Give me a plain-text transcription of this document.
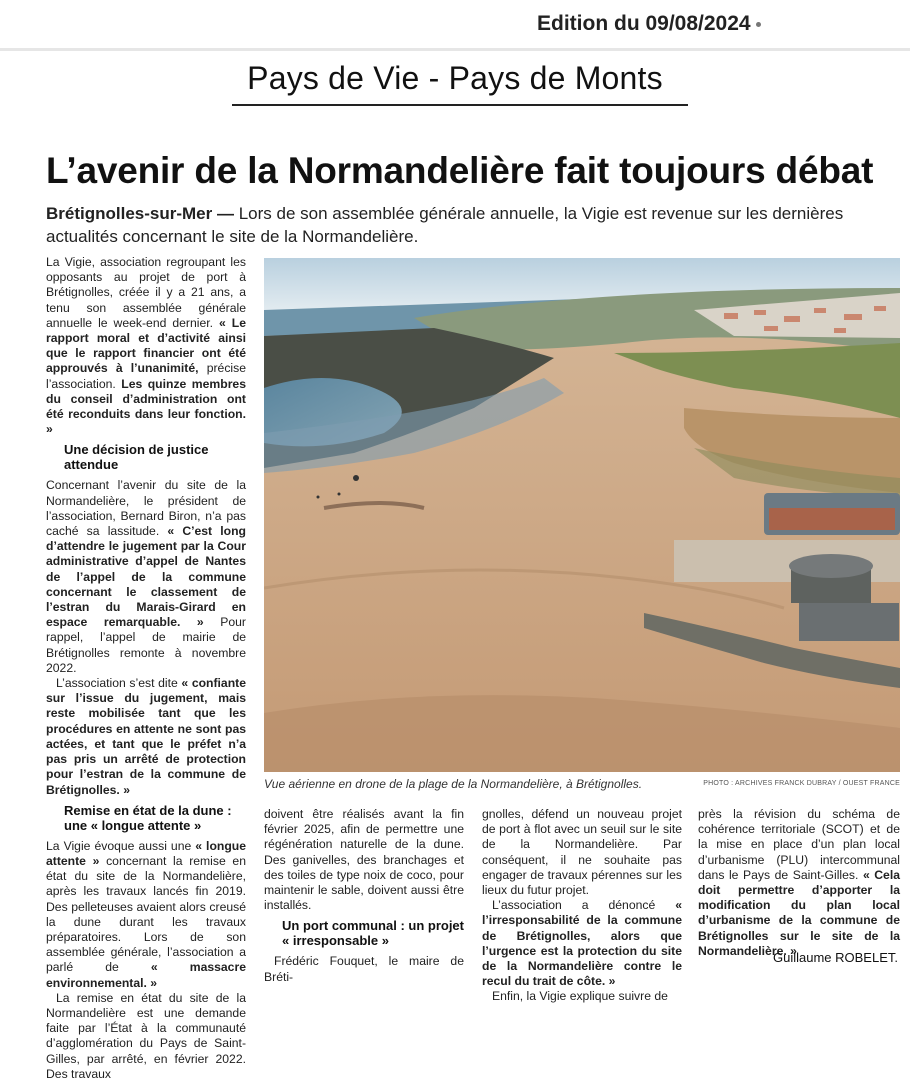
Edition du 09/08/2024
Pays de Vie - Pays de Monts
L’avenir de la Normandelière fait toujours débat
Brétignolles-sur-Mer — Lors de son assemblée générale annuelle, la Vigie est revenue sur les dernières actualités concernant le site de la Normandelière.

La Vigie, association regroupant les opposants au projet de port à Brétignolles, créée il y a 21 ans, a tenu son assemblée générale annuelle le week-end dernier. « Le rapport moral et d’activité ainsi que le rapport financier ont été approuvés à l’unanimité, précise l’association. Les quinze membres du conseil d’administration ont été reconduits dans leur fonction. »

Une décision de justice attendue

Concernant l’avenir du site de la Normandelière, le président de l’association, Bernard Biron, n’a pas caché sa lassitude. « C’est long d’attendre le jugement par la Cour administrative d’appel de Nantes de l’appel de la commune concernant le classement de l’estran du Marais-Girard en espace remarquable. » Pour rappel, l’appel de mairie de Brétignolles remonte à novembre 2022.

L’association s’est dite « confiante sur l’issue du jugement, mais reste mobilisée tant que les procédures en attente ne sont pas actées, et tant que le préfet n’a pas pris un arrêté de protection pour l’estran de la commune de Brétignolles. »

Remise en état de la dune : une « longue attente »

La Vigie évoque aussi une « longue attente » concernant la remise en état du site de la Normandelière, après les travaux lancés fin 2019. Des pelleteuses avaient alors creusé la dune durant les travaux préparatoires. Lors de son assemblée générale, l’association a parlé de « massacre environnemental. »

La remise en état du site de la Normandelière est une demande faite par l’État à la communauté d’agglomération du Pays de Saint-Gilles, par arrêté, en février 2022. Des travaux

Vue aérienne en drone de la plage de la Normandelière, à Brétignolles.	PHOTO : ARCHIVES FRANCK DUBRAY / OUEST FRANCE

doivent être réalisés avant la fin février 2025, afin de permettre une régénération naturelle de la dune. Des ganivelles, des branchages et des toiles de type noix de coco, pour maintenir le sable, doivent aussi être installés.

Un port communal : un projet « irresponsable »

Frédéric Fouquet, le maire de Bréti-

gnolles, défend un nouveau projet de port à flot avec un seuil sur le site de la Normandelière. Par conséquent, il ne souhaite pas engager de travaux pérennes sur les lieux du futur projet.

L’association a dénoncé « l’irresponsabilité de la commune de Brétignolles, alors que l’urgence est la protection du site de la Normandelière contre le recul du trait de côte. »

Enfin, la Vigie explique suivre de

près la révision du schéma de cohérence territoriale (SCOT) et de la mise en place d’un plan local d’urbanisme (PLU) intercommunal dans le Pays de Saint-Gilles. « Cela doit permettre d’apporter la modification du plan local d’urbanisme de la commune de Brétignolles sur le site de la Normandelière. »

Guillaume ROBELET.
